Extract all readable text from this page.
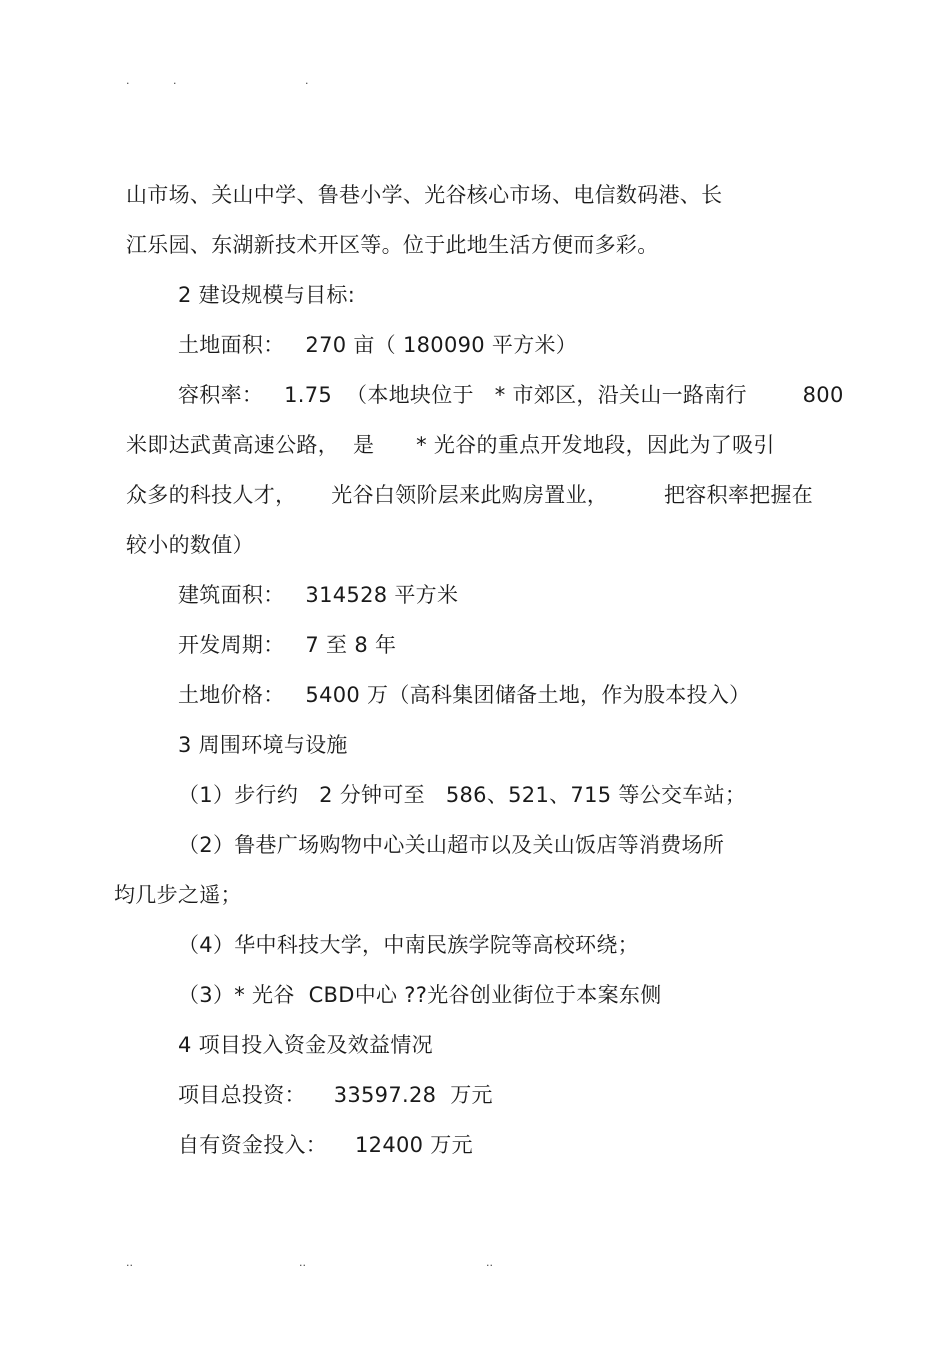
.	.	.
山市场、关山中学、鲁巷小学、光谷核心市场、电信数码港、长
江乐园、东湖新技术开区等。位于此地生活方便而多彩。
2 建设规模与目标:
土地面积：   270 亩（ 180090 平方米）
容积率：   1.75  （本地块位于   * 市郊区，沿关山一路南行        800
米即达武黄高速公路，  是      * 光谷的重点开发地段，因此为了吸引
众多的科技人才，     光谷白领阶层来此购房置业，        把容积率把握在
较小的数值）
建筑面积：   314528 平方米
开发周期：   7 至 8 年
土地价格：   5400 万（高科集团储备土地，作为股本投入）
3 周围环境与设施
（1）步行约   2 分钟可至   586、521、715 等公交车站；
（2）鲁巷广场购物中心关山超市以及关山饭店等消费场所
均几步之遥；
（4）华中科技大学，中南民族学院等高校环绕；
（3）* 光谷  CBD中心 ??光谷创业街位于本案东侧
4 项目投入资金及效益情况
项目总投资：    33597.28  万元
自有资金投入：    12400 万元
..	..	..
